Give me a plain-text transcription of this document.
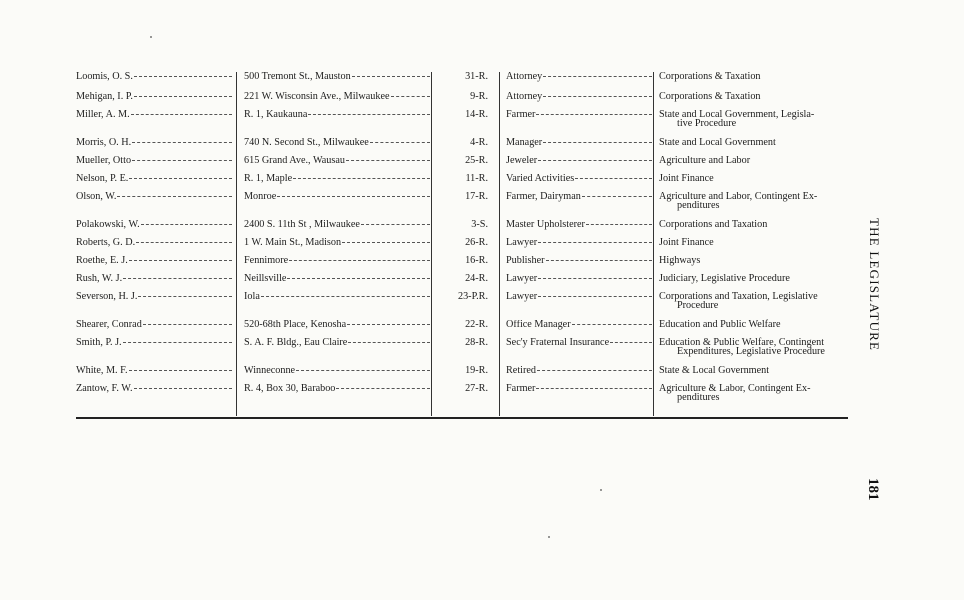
Loomis, O. S.	500 Tremont St., Mauston	31-R. Attorney	Corporations & Taxation
Mehigan, I. P.	221 W. Wisconsin Ave., Milwaukee	9-R. Attorney	Corporations & Taxation
Miller, A. M.	R. 1, Kaukauna	14-R. Farmer	State and Local Government, Legisla-
tive Procedure
Morris, O. H.	740 N. Second St., Milwaukee	4-R. Manager	State and Local Government
Mueller, Otto	615 Grand Ave., Wausau	25-R. Jeweler	Agriculture and Labor
Nelson, P. E.	R. 1, Maple	11-R. Varied Activities	Joint Finance
Olson, W.	Monroe	17-R. Farmer, Dairyman	Agriculture and Labor, Contingent Ex-
penditures
Polakowski, W.	2400 S. 11th St , Milwaukee	3-S. Master Upholsterer	Corporations and Taxation
Roberts, G. D.	1 W. Main St., Madison	26-R. Lawyer	Joint Finance
Roethe, E. J.	Fennimore	16-R. Publisher	Highways
Rush, W. J.	Neillsville	24-R. Lawyer	Judiciary, Legislative Procedure
Severson, H. J.	Iola	23-P.R. Lawyer	Corporations and Taxation, Legislative
Procedure
Shearer, Conrad	520-68th Place, Kenosha	22-R. Office Manager	Education and Public Welfare
Smith, P. J.	S. A. F. Bldg., Eau Claire	28-R. Sec'y Fraternal Insurance	Education & Public Welfare, Contingent
Expenditures, Legislative Procedure
White, M. F.	Winneconne	19-R. Retired	State & Local Government
Zantow, F. W.	R. 4, Box 30, Baraboo	27-R. Farmer	Agriculture & Labor, Contingent Ex-
penditures
THE LEGISLATURE
181
